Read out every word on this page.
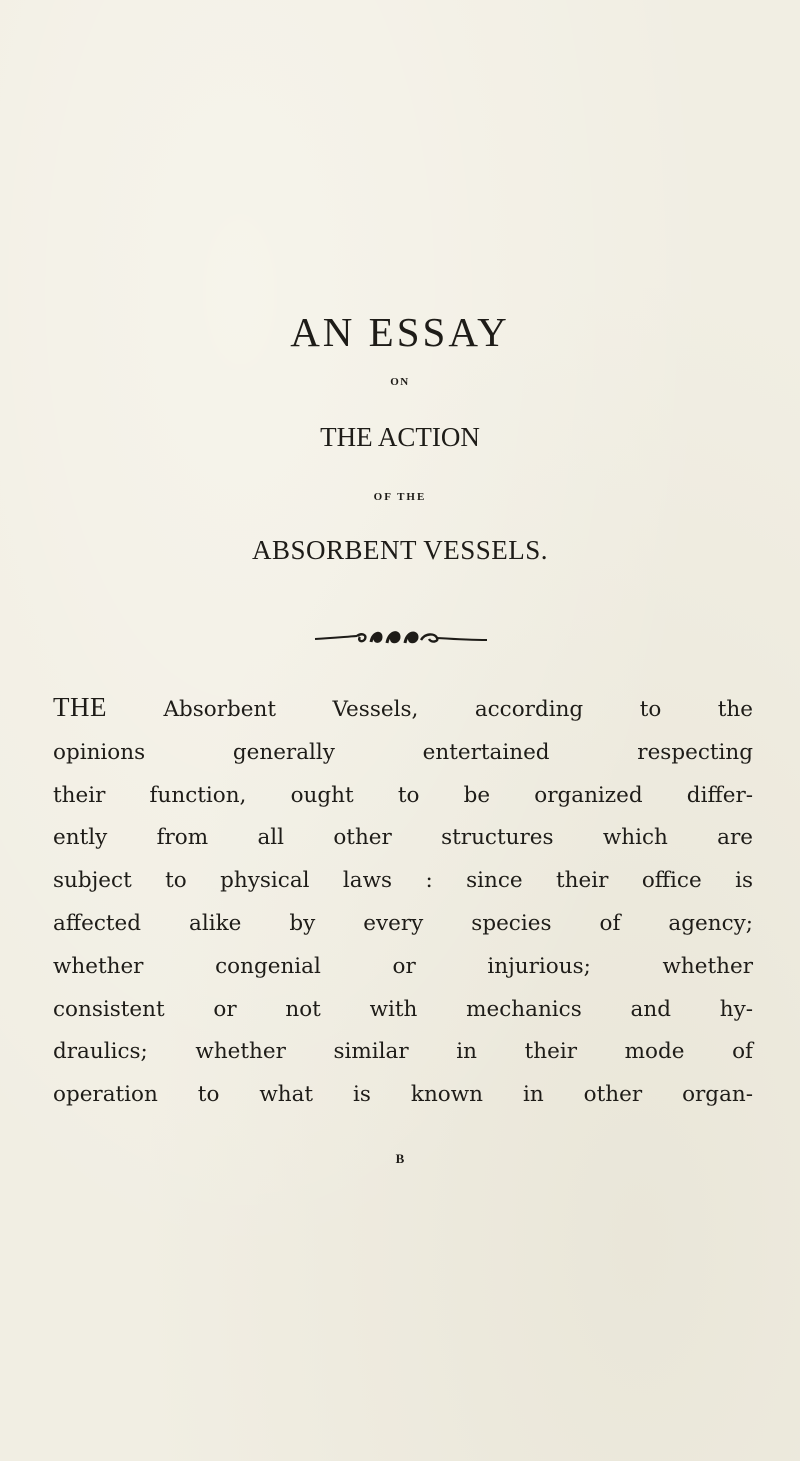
AN ESSAY

ON

THE ACTION

OF THE

ABSORBENT VESSELS.

THE Absorbent Vessels, according to the
opinions generally entertained respecting
their function, ought to be organized differ-
ently from all other structures which are
subject to physical laws : since their office is
affected alike by every species of agency;
whether congenial or injurious; whether
consistent or not with mechanics and hy-
draulics; whether similar in their mode of
operation to what is known in other organ-

B
